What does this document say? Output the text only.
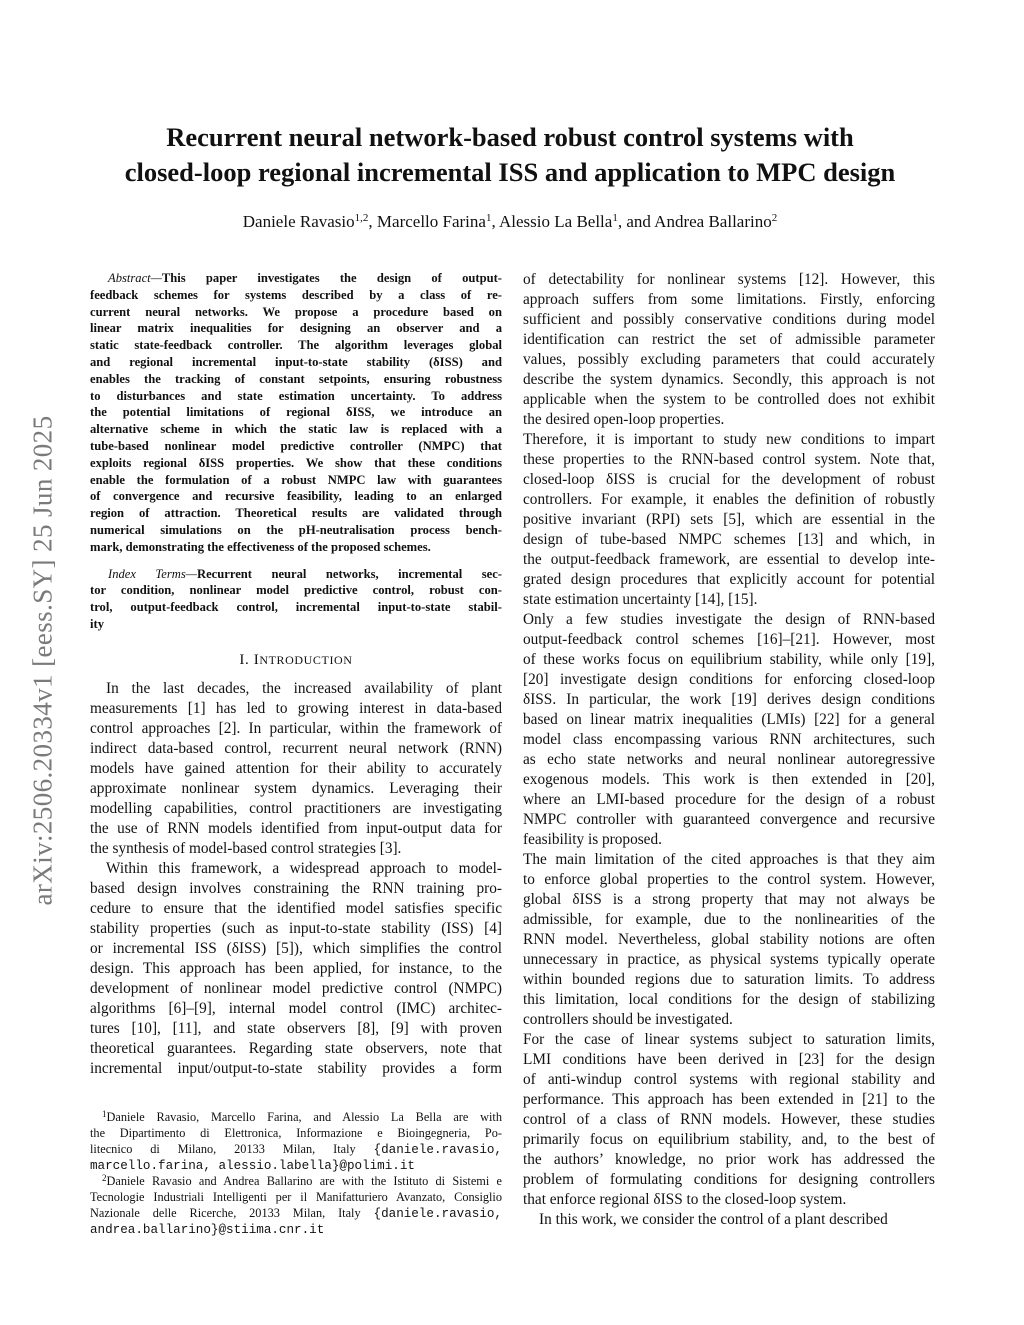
arXiv:2506.20334v1 [eess.SY] 25 Jun 2025
Recurrent neural network-based robust control systems with
closed-loop regional incremental ISS and application to MPC design
Daniele Ravasio$^{1,2}$, Marcello Farina$^1$, Alessio La Bella$^1$, and Andrea Ballarino$^2$
Abstract—This paper investigates the design of output-
feedback schemes for systems described by a class of re-
current neural networks. We propose a procedure based on
linear matrix inequalities for designing an observer and a
static state-feedback controller. The algorithm leverages global
and regional incremental input-to-state stability (δISS) and
enables the tracking of constant setpoints, ensuring robustness
to disturbances and state estimation uncertainty. To address
the potential limitations of regional δISS, we introduce an
alternative scheme in which the static law is replaced with a
tube-based nonlinear model predictive controller (NMPC) that
exploits regional δISS properties. We show that these conditions
enable the formulation of a robust NMPC law with guarantees
of convergence and recursive feasibility, leading to an enlarged
region of attraction. Theoretical results are validated through
numerical simulations on the pH-neutralisation process bench-
mark, demonstrating the effectiveness of the proposed schemes.
Index Terms—Recurrent neural networks, incremental sec-
tor condition, nonlinear model predictive control, robust con-
trol, output-feedback control, incremental input-to-state stabil-
ity
I. INTRODUCTION
In the last decades, the increased availability of plant
measurements [1] has led to growing interest in data-based
control approaches [2]. In particular, within the framework of
indirect data-based control, recurrent neural network (RNN)
models have gained attention for their ability to accurately
approximate nonlinear system dynamics. Leveraging their
modelling capabilities, control practitioners are investigating
the use of RNN models identified from input-output data for
the synthesis of model-based control strategies [3].
Within this framework, a widespread approach to model-
based design involves constraining the RNN training pro-
cedure to ensure that the identified model satisfies specific
stability properties (such as input-to-state stability (ISS) [4]
or incremental ISS (δISS) [5]), which simplifies the control
design. This approach has been applied, for instance, to the
development of nonlinear model predictive control (NMPC)
algorithms [6]–[9], internal model control (IMC) architec-
tures [10], [11], and state observers [8], [9] with proven
theoretical guarantees. Regarding state observers, note that
incremental input/output-to-state stability provides a form
$^1$Daniele Ravasio, Marcello Farina, and Alessio La Bella are with
the Dipartimento di Elettronica, Informazione e Bioingegneria, Po-
litecnico di Milano, 20133 Milan, Italy {daniele.ravasio,
marcello.farina, alessio.labella}@polimi.it
$^2$Daniele Ravasio and Andrea Ballarino are with the Istituto di Sistemi e
Tecnologie Industriali Intelligenti per il Manifatturiero Avanzato, Consiglio
Nazionale delle Ricerche, 20133 Milan, Italy {daniele.ravasio,
andrea.ballarino}@stiima.cnr.it
of detectability for nonlinear systems [12]. However, this
approach suffers from some limitations. Firstly, enforcing
sufficient and possibly conservative conditions during model
identification can restrict the set of admissible parameter
values, possibly excluding parameters that could accurately
describe the system dynamics. Secondly, this approach is not
applicable when the system to be controlled does not exhibit
the desired open-loop properties.
Therefore, it is important to study new conditions to impart
these properties to the RNN-based control system. Note that,
closed-loop δISS is crucial for the development of robust
controllers. For example, it enables the definition of robustly
positive invariant (RPI) sets [5], which are essential in the
design of tube-based NMPC schemes [13] and which, in
the output-feedback framework, are essential to develop inte-
grated design procedures that explicitly account for potential
state estimation uncertainty [14], [15].
Only a few studies investigate the design of RNN-based
output-feedback control schemes [16]–[21]. However, most
of these works focus on equilibrium stability, while only [19],
[20] investigate design conditions for enforcing closed-loop
δISS. In particular, the work [19] derives design conditions
based on linear matrix inequalities (LMIs) [22] for a general
model class encompassing various RNN architectures, such
as echo state networks and neural nonlinear autoregressive
exogenous models. This work is then extended in [20],
where an LMI-based procedure for the design of a robust
NMPC controller with guaranteed convergence and recursive
feasibility is proposed.
The main limitation of the cited approaches is that they aim
to enforce global properties to the control system. However,
global δISS is a strong property that may not always be
admissible, for example, due to the nonlinearities of the
RNN model. Nevertheless, global stability notions are often
unnecessary in practice, as physical systems typically operate
within bounded regions due to saturation limits. To address
this limitation, local conditions for the design of stabilizing
controllers should be investigated.
For the case of linear systems subject to saturation limits,
LMI conditions have been derived in [23] for the design
of anti-windup control systems with regional stability and
performance. This approach has been extended in [21] to the
control of a class of RNN models. However, these studies
primarily focus on equilibrium stability, and, to the best of
the authors’ knowledge, no prior work has addressed the
problem of formulating conditions for designing controllers
that enforce regional δISS to the closed-loop system.
In this work, we consider the control of a plant described
